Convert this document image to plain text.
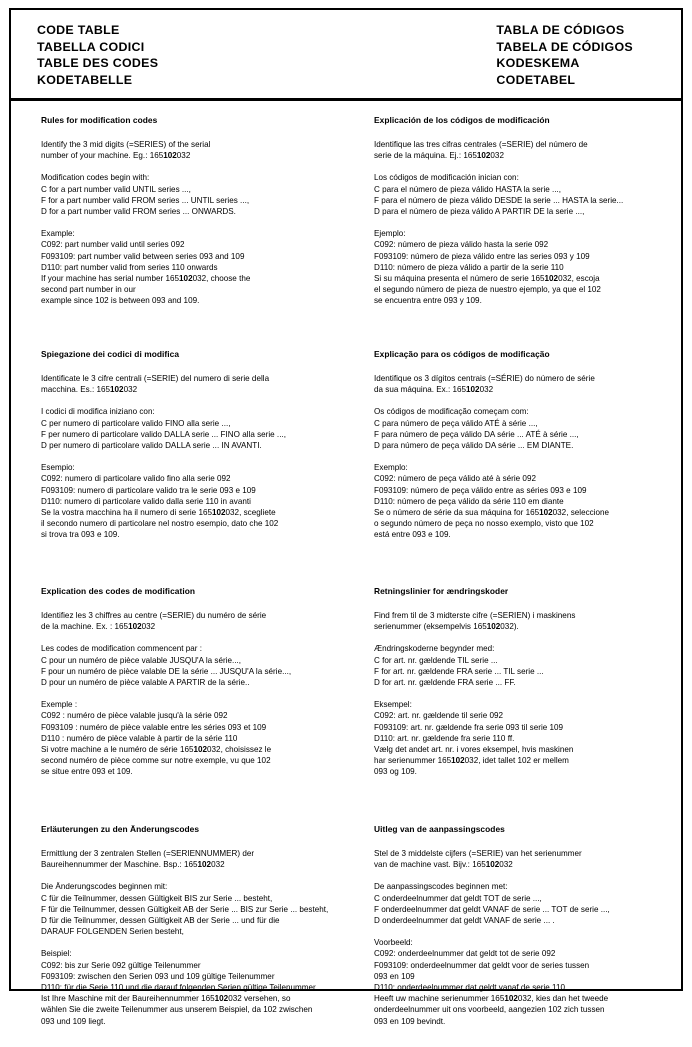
CODE TABLE
TABELLA CODICI
TABLE DES CODES
KODETABELLE
TABLA DE CÓDIGOS
TABELA DE CÓDIGOS
KODESKEMA
CODETABEL
Rules for modification codes
Identify the 3 mid digits (=SERIES) of the serial
number of your machine. Eg.: 165102032
Modification codes begin with:
C for a part number valid UNTIL series ...,
F for a part number valid FROM series ... UNTIL series ...,
D for a part number valid FROM series ... ONWARDS.
Example:
C092: part number valid until series 092
F093109: part number valid between series 093 and 109
D110: part number valid from series 110 onwards
If your machine has serial number 165102032, choose the
second part number in our
example since 102 is between 093 and 109.
Spiegazione dei codici di modifica
Identificate le 3 cifre centrali (=SERIE) del numero di serie della
macchina. Es.: 165102032
I codici di modifica iniziano con:
C per numero di particolare valido FINO alla serie ...,
F per numero di particolare valido DALLA serie ... FINO alla serie ...,
D per numero di particolare valido DALLA serie ... IN AVANTI.
Esempio:
C092: numero di particolare valido fino alla serie 092
F093109: numero di particolare valido tra le serie 093 e 109
D110: numero di particolare valido dalla serie 110 in avanti
Se la vostra macchina ha il numero di serie 165102032, scegliete
il secondo numero di particolare nel nostro esempio, dato che 102
si trova tra 093 e 109.
Explication des codes de modification
Identifiez les 3 chiffres au centre (=SERIE) du numéro de série
de la machine. Ex. : 165102032
Les codes de modification commencent par :
C pour un numéro de pièce valable JUSQU'A la série...,
F pour un numéro de pièce valable DE la série ... JUSQU'A la série...,
D pour un numéro de pièce valable A PARTIR de la série..
Exemple :
C092 : numéro de pièce valable jusqu'à la série 092
F093109 : numéro de pièce valable entre les séries 093 et 109
D110 : numéro de pièce valable à partir de la série 110
Si votre machine a le numéro de série 165102032, choisissez le
second numéro de pièce comme sur notre exemple, vu que 102
se situe entre 093 et 109.
Erläuterungen zu den Änderungscodes
Ermittlung der 3 zentralen Stellen (=SERIENNUMMER) der
Baureihennummer der Maschine. Bsp.: 165102032
Die Änderungscodes beginnen mit:
C für die Teilnummer, dessen Gültigkeit BIS zur Serie ... besteht,
F für die Teilnummer, dessen Gültigkeit AB der Serie ... BIS zur Serie ... besteht,
D für die Teilnummer, dessen Gültigkeit AB der Serie ... und für die
DARAUF FOLGENDEN Serien besteht,
Beispiel:
C092: bis zur Serie 092 gültige Teilenummer
F093109: zwischen den Serien 093 und 109 gültige Teilenummer
D110: für die Serie 110 und die darauf folgenden Serien gültige Teilenummer
Ist Ihre Maschine mit der Baureihennummer 165102032 versehen, so
wählen Sie die zweite Teilenummer aus unserem Beispiel, da 102 zwischen
093 und 109 liegt.
Explicación de los códigos de modificación
Identifique las tres cifras centrales (=SERIE) del número de
serie de la máquina. Ej.: 165102032
Los códigos de modificación inician con:
C para el número de pieza válido HASTA la serie ...,
F para el número de pieza válido DESDE la serie ... HASTA la serie...
D para el número de pieza válido A PARTIR DE la serie ...,
Ejemplo:
C092: número de pieza válido hasta la serie 092
F093109: número de pieza válido entre las series 093 y 109
D110: número de pieza válido a partir de la serie 110
Si su máquina presenta el número de serie 165102032, escoja
el segundo número de pieza de nuestro ejemplo, ya que el 102
se encuentra entre 093 y 109.
Explicação para os códigos de modificação
Identifique os 3 dígitos centrais (=SÉRIE) do número de série
da sua máquina. Ex.: 165102032
Os códigos de modificação começam com:
C para número de peça válido ATÉ à série ...,
F para número de peça válido DA série ... ATÉ à série ...,
D para número de peça válido DA série ... EM DIANTE.
Exemplo:
C092: número de peça válido até à série 092
F093109: número de peça válido entre as séries 093 e 109
D110: número de peça válido da série 110 em diante
Se o número de série da sua máquina for 165102032, seleccione
o segundo número de peça no nosso exemplo, visto que 102
está entre 093 e 109.
Retningslinier for ændringskoder
Find frem til de 3 midterste cifre (=SERIEN) i maskinens
serienummer (eksempelvis 165102032).
Ændringskoderne begynder med:
C for art. nr. gældende TIL serie ...
F for art. nr. gældende FRA serie ... TIL serie ...
D for art. nr. gældende FRA serie ... FF.
Eksempel:
C092: art. nr. gældende til serie 092
F093109: art. nr. gældende fra serie 093 til serie 109
D110: art. nr. gældende fra serie 110 ff.
Vælg det andet art. nr. i vores eksempel, hvis maskinen
har serienummer 165102032, idet tallet 102 er mellem
093 og 109.
Uitleg van de aanpassingscodes
Stel de 3 middelste cijfers (=SERIE) van het serienummer
van de machine vast. Bijv.: 165102032
De aanpassingscodes beginnen met:
C onderdeelnummer dat geldt TOT de serie ...,
F onderdeelnummer dat geldt VANAF de serie ... TOT de serie ...,
D onderdeelnummer dat geldt VANAF de serie ... .
Voorbeeld:
C092: onderdeelnummer dat geldt tot de serie 092
F093109: onderdeelnummer dat geldt voor de series tussen
093 en 109
D110: onderdeelnummer dat geldt vanaf de serie 110
Heeft uw machine serienummer 165102032, kies dan het tweede
onderdeelnummer uit ons voorbeeld, aangezien 102 zich tussen
093 en 109 bevindt.
